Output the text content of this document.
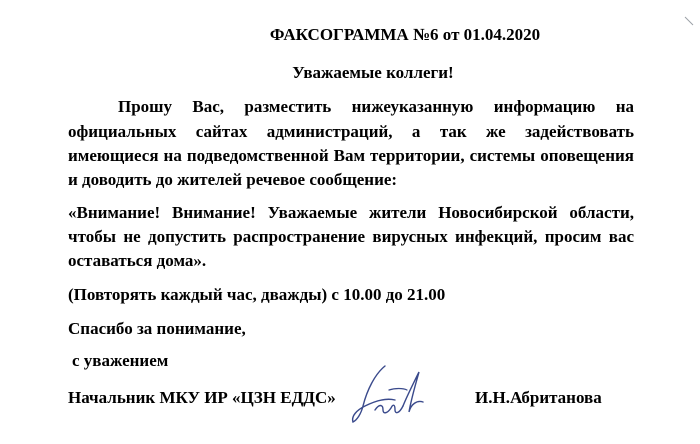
ФАКСОГРАММА №6 от 01.04.2020
Уважаемые коллеги!
Прошу Вас, разместить нижеуказанную информацию на
официальных сайтах администраций, а так же задействовать
имеющиеся на подведомственной Вам территории, системы оповещения
и доводить до жителей речевое сообщение:
«Внимание! Внимание! Уважаемые жители Новосибирской области,
чтобы не допустить распространение вирусных инфекций, просим вас
оставаться дома».
(Повторять каждый час, дважды) с 10.00 до 21.00
Спасибо за понимание,
с уважением
Начальник МКУ ИР «ЦЗН ЕДДС»	И.Н.Абританова
